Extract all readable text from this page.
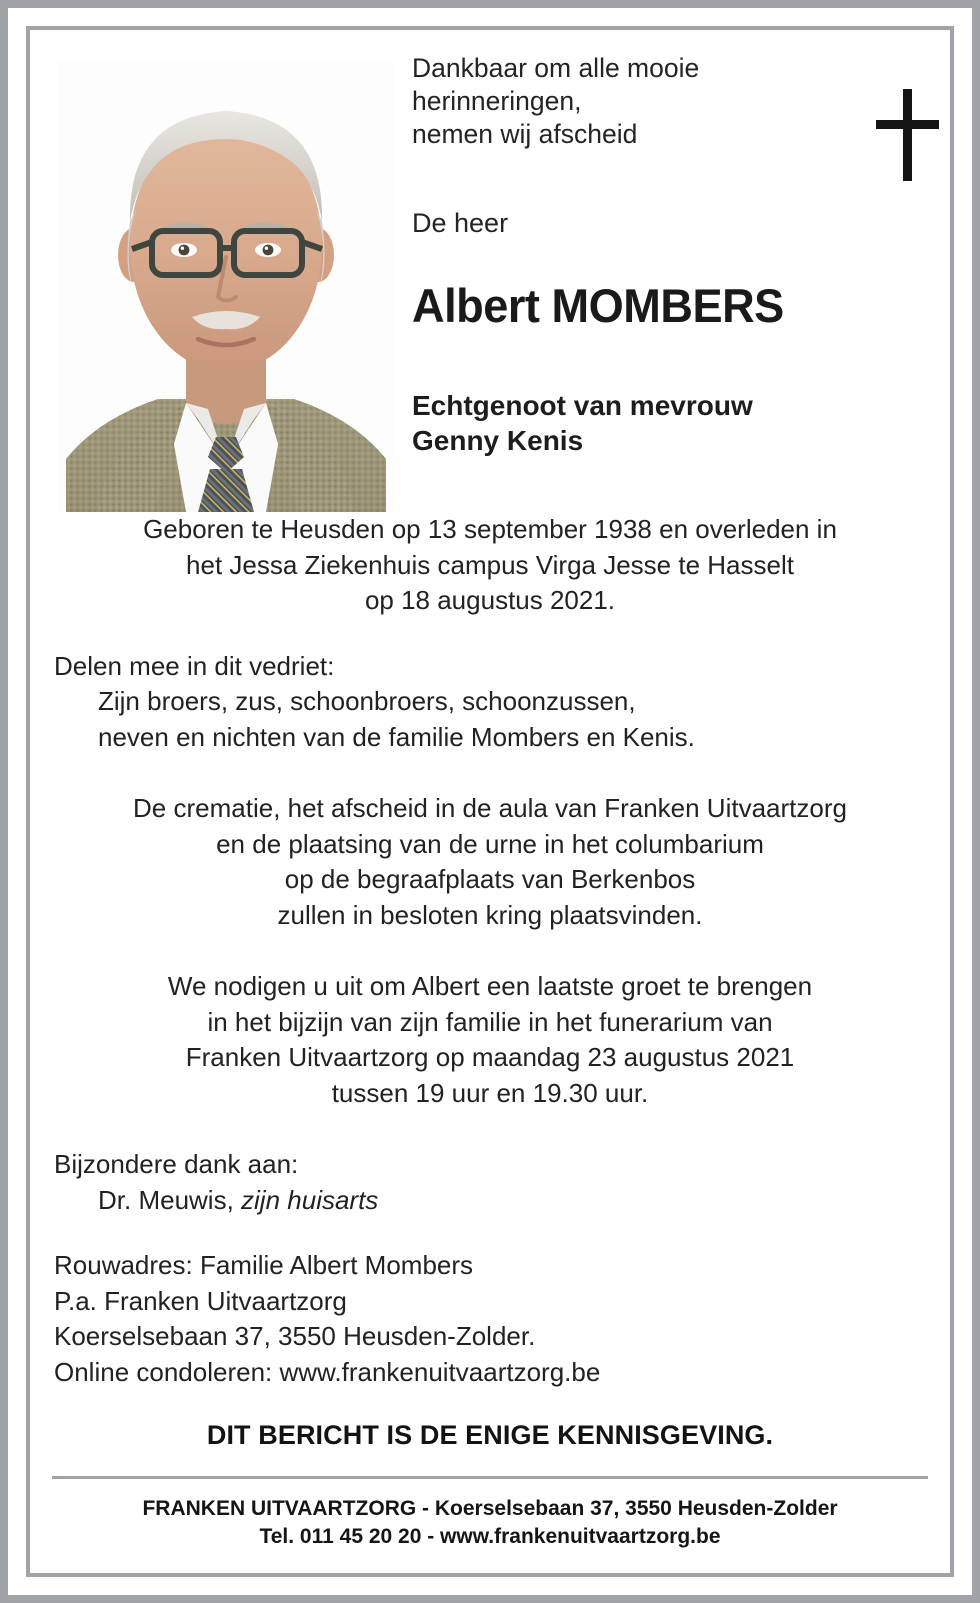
Dankbaar om alle mooie
herinneringen,
nemen wij afscheid
De heer
Albert MOMBERS
Echtgenoot van mevrouw
Genny Kenis

Geboren te Heusden op 13 september 1938 en overleden in
het Jessa Ziekenhuis campus Virga Jesse te Hasselt
op 18 augustus 2021.

Delen mee in dit vedriet:
Zijn broers, zus, schoonbroers, schoonzussen,
neven en nichten van de familie Mombers en Kenis.

De crematie, het afscheid in de aula van Franken Uitvaartzorg
en de plaatsing van de urne in het columbarium
op de begraafplaats van Berkenbos
zullen in besloten kring plaatsvinden.

We nodigen u uit om Albert een laatste groet te brengen
in het bijzijn van zijn familie in het funerarium van
Franken Uitvaartzorg op maandag 23 augustus 2021
tussen 19 uur en 19.30 uur.

Bijzondere dank aan:
Dr. Meuwis, zijn huisarts

Rouwadres: Familie Albert Mombers
P.a. Franken Uitvaartzorg
Koerselsebaan 37, 3550 Heusden-Zolder.
Online condoleren: www.frankenuitvaartzorg.be

DIT BERICHT IS DE ENIGE KENNISGEVING.
FRANKEN UITVAARTZORG - Koerselsebaan 37, 3550 Heusden-Zolder
Tel. 011 45 20 20 - www.frankenuitvaartzorg.be
